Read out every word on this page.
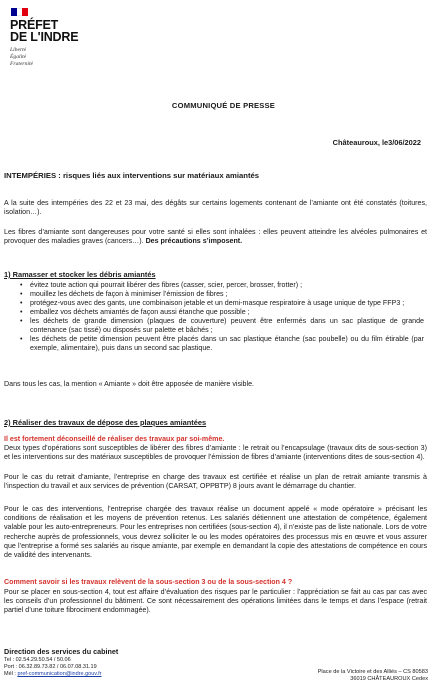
PRÉFET
DE L'INDRE
Liberté
Égalité
Fraternité
COMMUNIQUÉ DE PRESSE
Châteauroux, le3/06/2022
INTEMPÉRIES : risques liés aux interventions sur matériaux amiantés
A la suite des intempéries des 22 et 23 mai, des dégâts sur certains logements contenant de l’amiante ont été constatés (toitures, isolation…).
Les fibres d’amiante sont dangereuses pour votre santé si elles sont inhalées : elles peuvent atteindre les alvéoles pulmonaires et provoquer des maladies graves (cancers…). Des précautions s’imposent.
1) Ramasser et stocker les débris amiantés
• évitez toute action qui pourrait libérer des fibres (casser, scier, percer, brosser, frotter) ;
• mouillez les déchets de façon à minimiser l’émission de fibres ;
• protégez-vous avec des gants, une combinaison jetable et un demi-masque respiratoire à usage unique de type FFP3 ;
• emballez vos déchets amiantés de façon aussi étanche que possible ;
• les déchets de grande dimension (plaques de couverture) peuvent être enfermés dans un sac plastique de grande contenance (sac tissé) ou disposés sur palette et bâchés ;
• les déchets de petite dimension peuvent être placés dans un sac plastique étanche (sac poubelle) ou du film étirable (par exemple, alimentaire), puis dans un second sac plastique.
Dans tous les cas, la mention « Amiante » doit être apposée de manière visible.
2) Réaliser des travaux de dépose des plaques amiantées
Il est fortement déconseillé de réaliser des travaux par soi-même.
Deux types d’opérations sont susceptibles de libérer des fibres d’amiante : le retrait ou l’encapsulage (travaux dits de sous-section 3) et les interventions sur des matériaux susceptibles de provoquer l’émission de fibres d’amiante (interventions dites de sous-section 4).
Pour le cas du retrait d’amiante, l’entreprise en charge des travaux est certifiée et réalise un plan de retrait amiante transmis à l’inspection du travail et aux services de prévention (CARSAT, OPPBTP) 8 jours avant le démarrage du chantier.
Pour le cas des interventions, l’entreprise chargée des travaux réalise un document appelé « mode opératoire » précisant les conditions de réalisation et les moyens de prévention retenus. Les salariés détiennent une attestation de compétence, également valable pour les auto-entrepreneurs. Pour les entreprises non certifiées (sous-section 4), il n’existe pas de liste nationale. Lors de votre recherche auprès de professionnels, vous devrez solliciter le ou les modes opératoires des processus mis en œuvre et vous assurer que l’entreprise a formé ses salariés au risque amiante, par exemple en demandant la copie des attestations de compétence en cours de validité des intervenants.
Comment savoir si les travaux relèvent de la sous-section 3 ou de la sous-section 4 ?
Pour se placer en sous-section 4, tout est affaire d’évaluation des risques par le particulier : l’appréciation se fait au cas par cas avec les conseils d’un professionnel du bâtiment. Ce sont nécessairement des opérations limitées dans le temps et dans l’espace (retrait partiel d’une toiture fibrociment endommagée).
Direction des services du cabinet
Tel : 02.54.29.50.54 / 50.06
Port : 06.32.89.73.82 / 06.07.08.31.19
Mél : pref-communication@indre.gouv.fr	Place de la Victoire et des Alliés – CS 80583
36019 CHÂTEAUROUX Cedex
